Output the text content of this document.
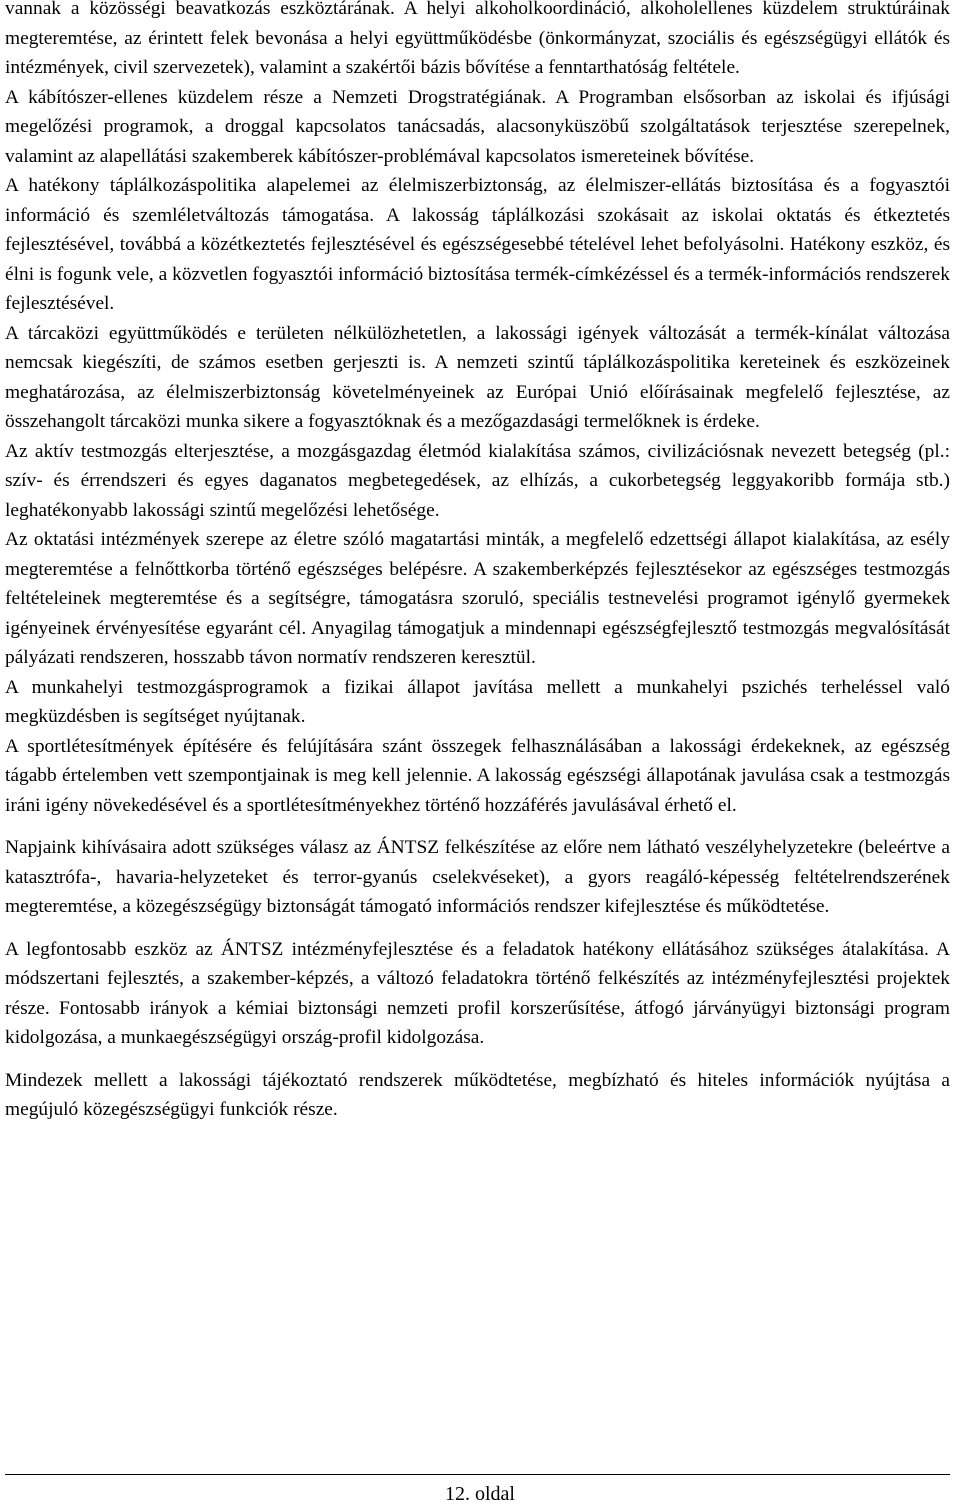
vannak a közösségi beavatkozás eszköztárának. A helyi alkoholkoordináció, alkoholellenes küzdelem struktúráinak megteremtése, az érintett felek bevonása a helyi együttműködésbe (önkormányzat, szociális és egészségügyi ellátók és intézmények, civil szervezetek), valamint a szakértői bázis bővítése a fenntarthatóság feltétele.

A kábítószer-ellenes küzdelem része a Nemzeti Drogstratégiának. A Programban elsősorban az iskolai és ifjúsági megelőzési programok, a droggal kapcsolatos tanácsadás, alacsonyküszöbű szolgáltatások terjesztése szerepelnek, valamint az alapellátási szakemberek kábítószer-problémával kapcsolatos ismereteinek bővítése.

A hatékony táplálkozáspolitika alapelemei az élelmiszerbiztonság, az élelmiszer-ellátás biztosítása és a fogyasztói információ és szemléletváltozás támogatása. A lakosság táplálkozási szokásait az iskolai oktatás és étkeztetés fejlesztésével, továbbá a közétkeztetés fejlesztésével és egészségesebbé tételével lehet befolyásolni. Hatékony eszköz, és élni is fogunk vele, a közvetlen fogyasztói információ biztosítása termék-címkézéssel és a termék-információs rendszerek fejlesztésével.

A tárcaközi együttműködés e területen nélkülözhetetlen, a lakossági igények változását a termék-kínálat változása nemcsak kiegészíti, de számos esetben gerjeszti is. A nemzeti szintű táplálkozáspolitika kereteinek és eszközeinek meghatározása, az élelmiszerbiztonság követelményeinek az Európai Unió előírásainak megfelelő fejlesztése, az összehangolt tárcaközi munka sikere a fogyasztóknak és a mezőgazdasági termelőknek is érdeke.

Az aktív testmozgás elterjesztése, a mozgásgazdag életmód kialakítása számos, civilizációsnak nevezett betegség (pl.: szív- és érrendszeri és egyes daganatos megbetegedések, az elhízás, a cukorbetegség leggyakoribb formája stb.) leghatékonyabb lakossági szintű megelőzési lehetősége.

Az oktatási intézmények szerepe az életre szóló magatartási minták, a megfelelő edzettségi állapot kialakítása, az esély megteremtése a felnőttkorba történő egészséges belépésre. A szakemberképzés fejlesztésekor az egészséges testmozgás feltételeinek megteremtése és a segítségre, támogatásra szoruló, speciális testnevelési programot igénylő gyermekek igényeinek érvényesítése egyaránt cél. Anyagilag támogatjuk a mindennapi egészségfejlesztő testmozgás megvalósítását pályázati rendszeren, hosszabb távon normatív rendszeren keresztül.

A munkahelyi testmozgásprogramok a fizikai állapot javítása mellett a munkahelyi pszichés terheléssel való megküzdésben is segítséget nyújtanak.

A sportlétesítmények építésére és felújítására szánt összegek felhasználásában a lakossági érdekeknek, az egészség tágabb értelemben vett szempontjainak is meg kell jelennie. A lakosság egészségi állapotának javulása csak a testmozgás iráni igény növekedésével és a sportlétesítményekhez történő hozzáférés javulásával érhető el.

Napjaink kihívásaira adott szükséges válasz az ÁNTSZ felkészítése az előre nem látható veszélyhelyzetekre (beleértve a katasztrófa-, havaria-helyzeteket és terror-gyanús cselekvéseket), a gyors reagáló-képesség feltételrendszerének megteremtése, a közegészségügy biztonságát támogató információs rendszer kifejlesztése és működtetése.

A legfontosabb eszköz az ÁNTSZ intézményfejlesztése és a feladatok hatékony ellátásához szükséges átalakítása. A módszertani fejlesztés, a szakember-képzés, a változó feladatokra történő felkészítés az intézményfejlesztési projektek része. Fontosabb irányok a kémiai biztonsági nemzeti profil korszerűsítése, átfogó járványügyi biztonsági program kidolgozása, a munkaegészségügyi ország-profil kidolgozása.

Mindezek mellett a lakossági tájékoztató rendszerek működtetése, megbízható és hiteles információk nyújtása a megújuló közegészségügyi funkciók része.

12. oldal
